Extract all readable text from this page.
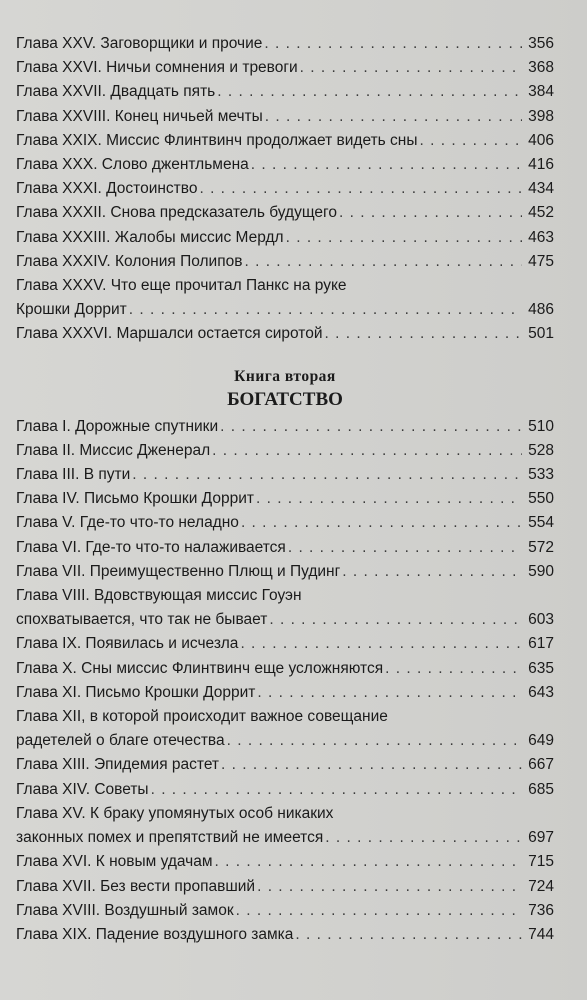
Глава XXV. Заговорщики и прочие . . .	356
Глава XXVI. Ничьи сомнения и тревоги . . .	368
Глава XXVII. Двадцать пять . . .	384
Глава XXVIII. Конец ничьей мечты . . .	398
Глава XXIX. Миссис Флинтвинч продолжает видеть сны . . .	406
Глава XXX. Слово джентльмена . . .	416
Глава XXXI. Достоинство . . .	434
Глава XXXII. Снова предсказатель будущего . . .	452
Глава XXXIII. Жалобы миссис Мердл . . .	463
Глава XXXIV. Колония Полипов . . .	475
Глава XXXV. Что еще прочитал Панкс на руке
Крошки Доррит . . .	486
Глава XXXVI. Маршалси остается сиротой . . .	501
Книга вторая
БОГАТСТВО
Глава I. Дорожные спутники . . .	510
Глава II. Миссис Дженерал . . .	528
Глава III. В пути . . .	533
Глава IV. Письмо Крошки Доррит . . .	550
Глава V. Где-то что-то неладно . . .	554
Глава VI. Где-то что-то налаживается . . .	572
Глава VII. Преимущественно Плющ и Пудинг . . .	590
Глава VIII. Вдовствующая миссис Гоуэн
спохватывается, что так не бывает . . .	603
Глава IX. Появилась и исчезла . . .	617
Глава X. Сны миссис Флинтвинч еще усложняются . . .	635
Глава XI. Письмо Крошки Доррит . . .	643
Глава XII, в которой происходит важное совещание
радетелей о благе отечества . . .	649
Глава XIII. Эпидемия растет . . .	667
Глава XIV. Советы . . .	685
Глава XV. К браку упомянутых особ никаких
законных помех и препятствий не имеется . . .	697
Глава XVI. К новым удачам . . .	715
Глава XVII. Без вести пропавший . . .	724
Глава XVIII. Воздушный замок . . .	736
Глава XIX. Падение воздушного замка . . .	744
